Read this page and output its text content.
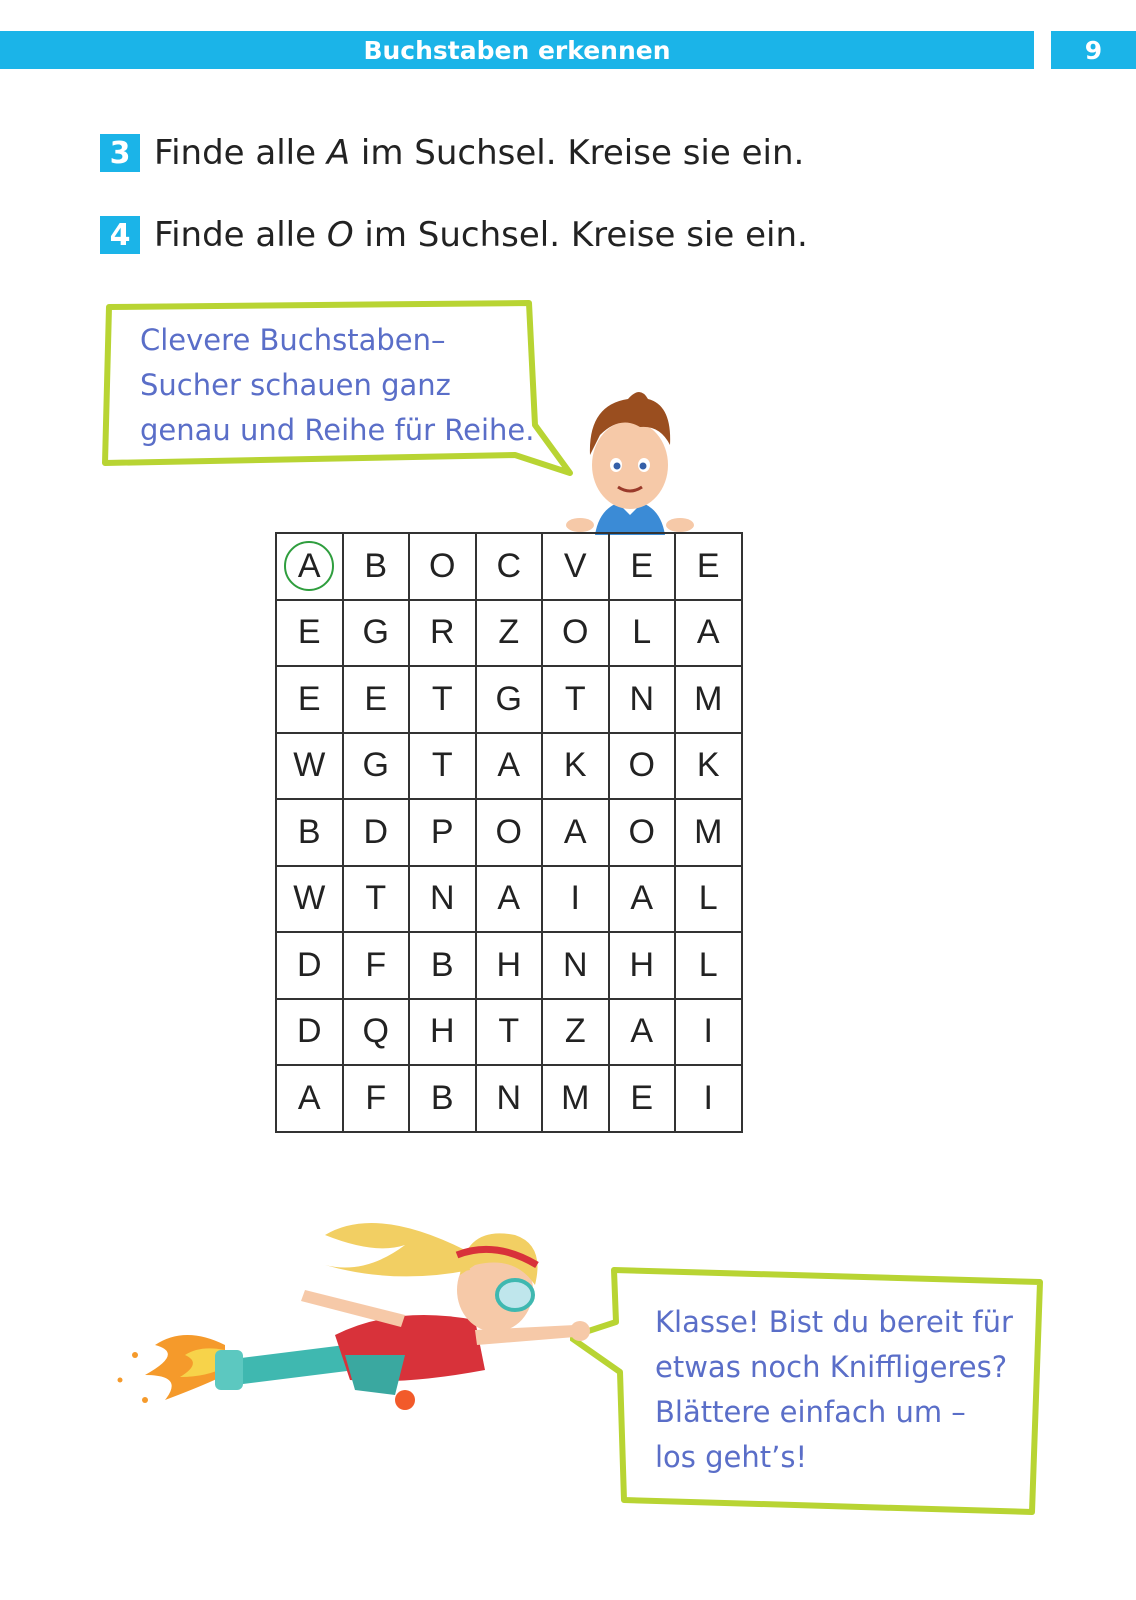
Buchstaben erkennen	9
3 Finde alle A im Suchsel. Kreise sie ein.
4 Finde alle O im Suchsel. Kreise sie ein.
Clevere Buchstaben–
Sucher schauen ganz
genau und Reihe für Reihe.
A	B	O	C	V	E	E
E	G	R	Z	O	L	A
E	E	T	G	T	N	M
W	G	T	A	K	O	K
B	D	P	O	A	O	M
W	T	N	A	I	A	L
D	F	B	H	N	H	L
D	Q	H	T	Z	A	I
A	F	B	N	M	E	I
Klasse! Bist du bereit für
etwas noch Kniffligeres?
Blättere einfach um –
los geht’s!
